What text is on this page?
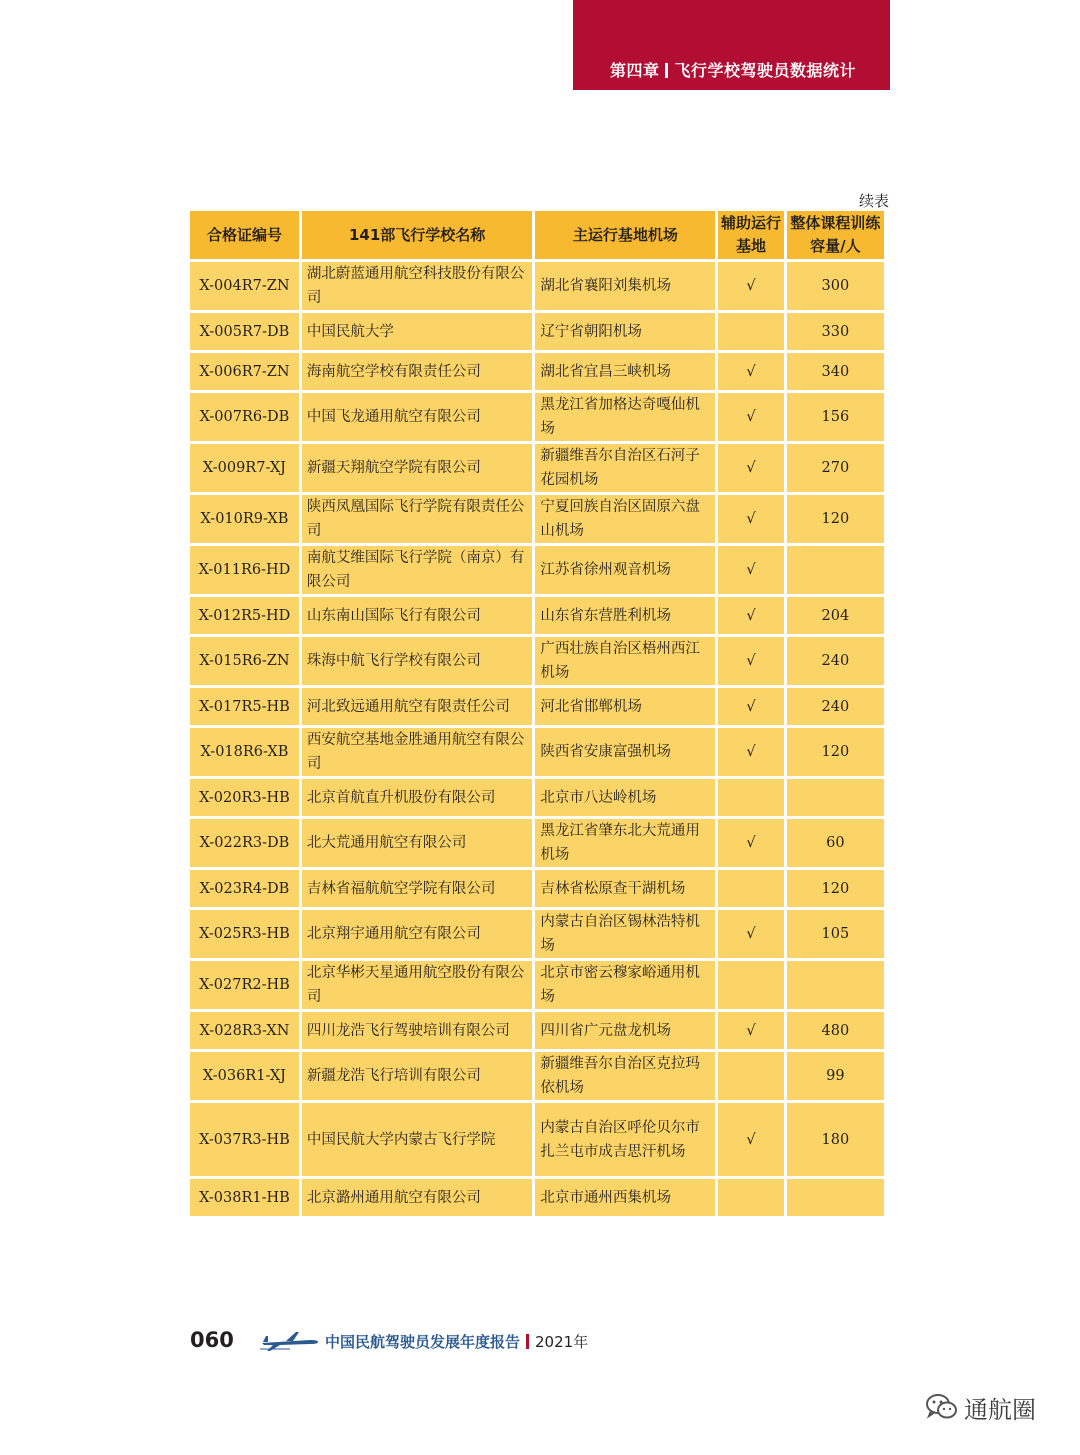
第四章 飞行学校驾驶员数据统计
续表
合格证编号	141部飞行学校名称	主运行基地机场	辅助运行基地	整体课程训练容量/人
X-004R7-ZN	湖北蔚蓝通用航空科技股份有限公司	湖北省襄阳刘集机场	√	300
X-005R7-DB	中国民航大学	辽宁省朝阳机场		330
X-006R7-ZN	海南航空学校有限责任公司	湖北省宜昌三峡机场	√	340
X-007R6-DB	中国飞龙通用航空有限公司	黑龙江省加格达奇嘎仙机场	√	156
X-009R7-XJ	新疆天翔航空学院有限公司	新疆维吾尔自治区石河子花园机场	√	270
X-010R9-XB	陕西凤凰国际飞行学院有限责任公司	宁夏回族自治区固原六盘山机场	√	120
X-011R6-HD	南航艾维国际飞行学院（南京）有限公司	江苏省徐州观音机场	√	
X-012R5-HD	山东南山国际飞行有限公司	山东省东营胜利机场	√	204
X-015R6-ZN	珠海中航飞行学校有限公司	广西壮族自治区梧州西江机场	√	240
X-017R5-HB	河北致远通用航空有限责任公司	河北省邯郸机场	√	240
X-018R6-XB	西安航空基地金胜通用航空有限公司	陕西省安康富强机场	√	120
X-020R3-HB	北京首航直升机股份有限公司	北京市八达岭机场		
X-022R3-DB	北大荒通用航空有限公司	黑龙江省肇东北大荒通用机场	√	60
X-023R4-DB	吉林省福航航空学院有限公司	吉林省松原查干湖机场		120
X-025R3-HB	北京翔宇通用航空有限公司	内蒙古自治区锡林浩特机场	√	105
X-027R2-HB	北京华彬天星通用航空股份有限公司	北京市密云穆家峪通用机场		
X-028R3-XN	四川龙浩飞行驾驶培训有限公司	四川省广元盘龙机场	√	480
X-036R1-XJ	新疆龙浩飞行培训有限公司	新疆维吾尔自治区克拉玛依机场		99
X-037R3-HB	中国民航大学内蒙古飞行学院	内蒙古自治区呼伦贝尔市扎兰屯市成吉思汗机场	√	180
X-038R1-HB	北京潞州通用航空有限公司	北京市通州西集机场		
060	中国民航驾驶员发展年度报告 2021年
通航圈
